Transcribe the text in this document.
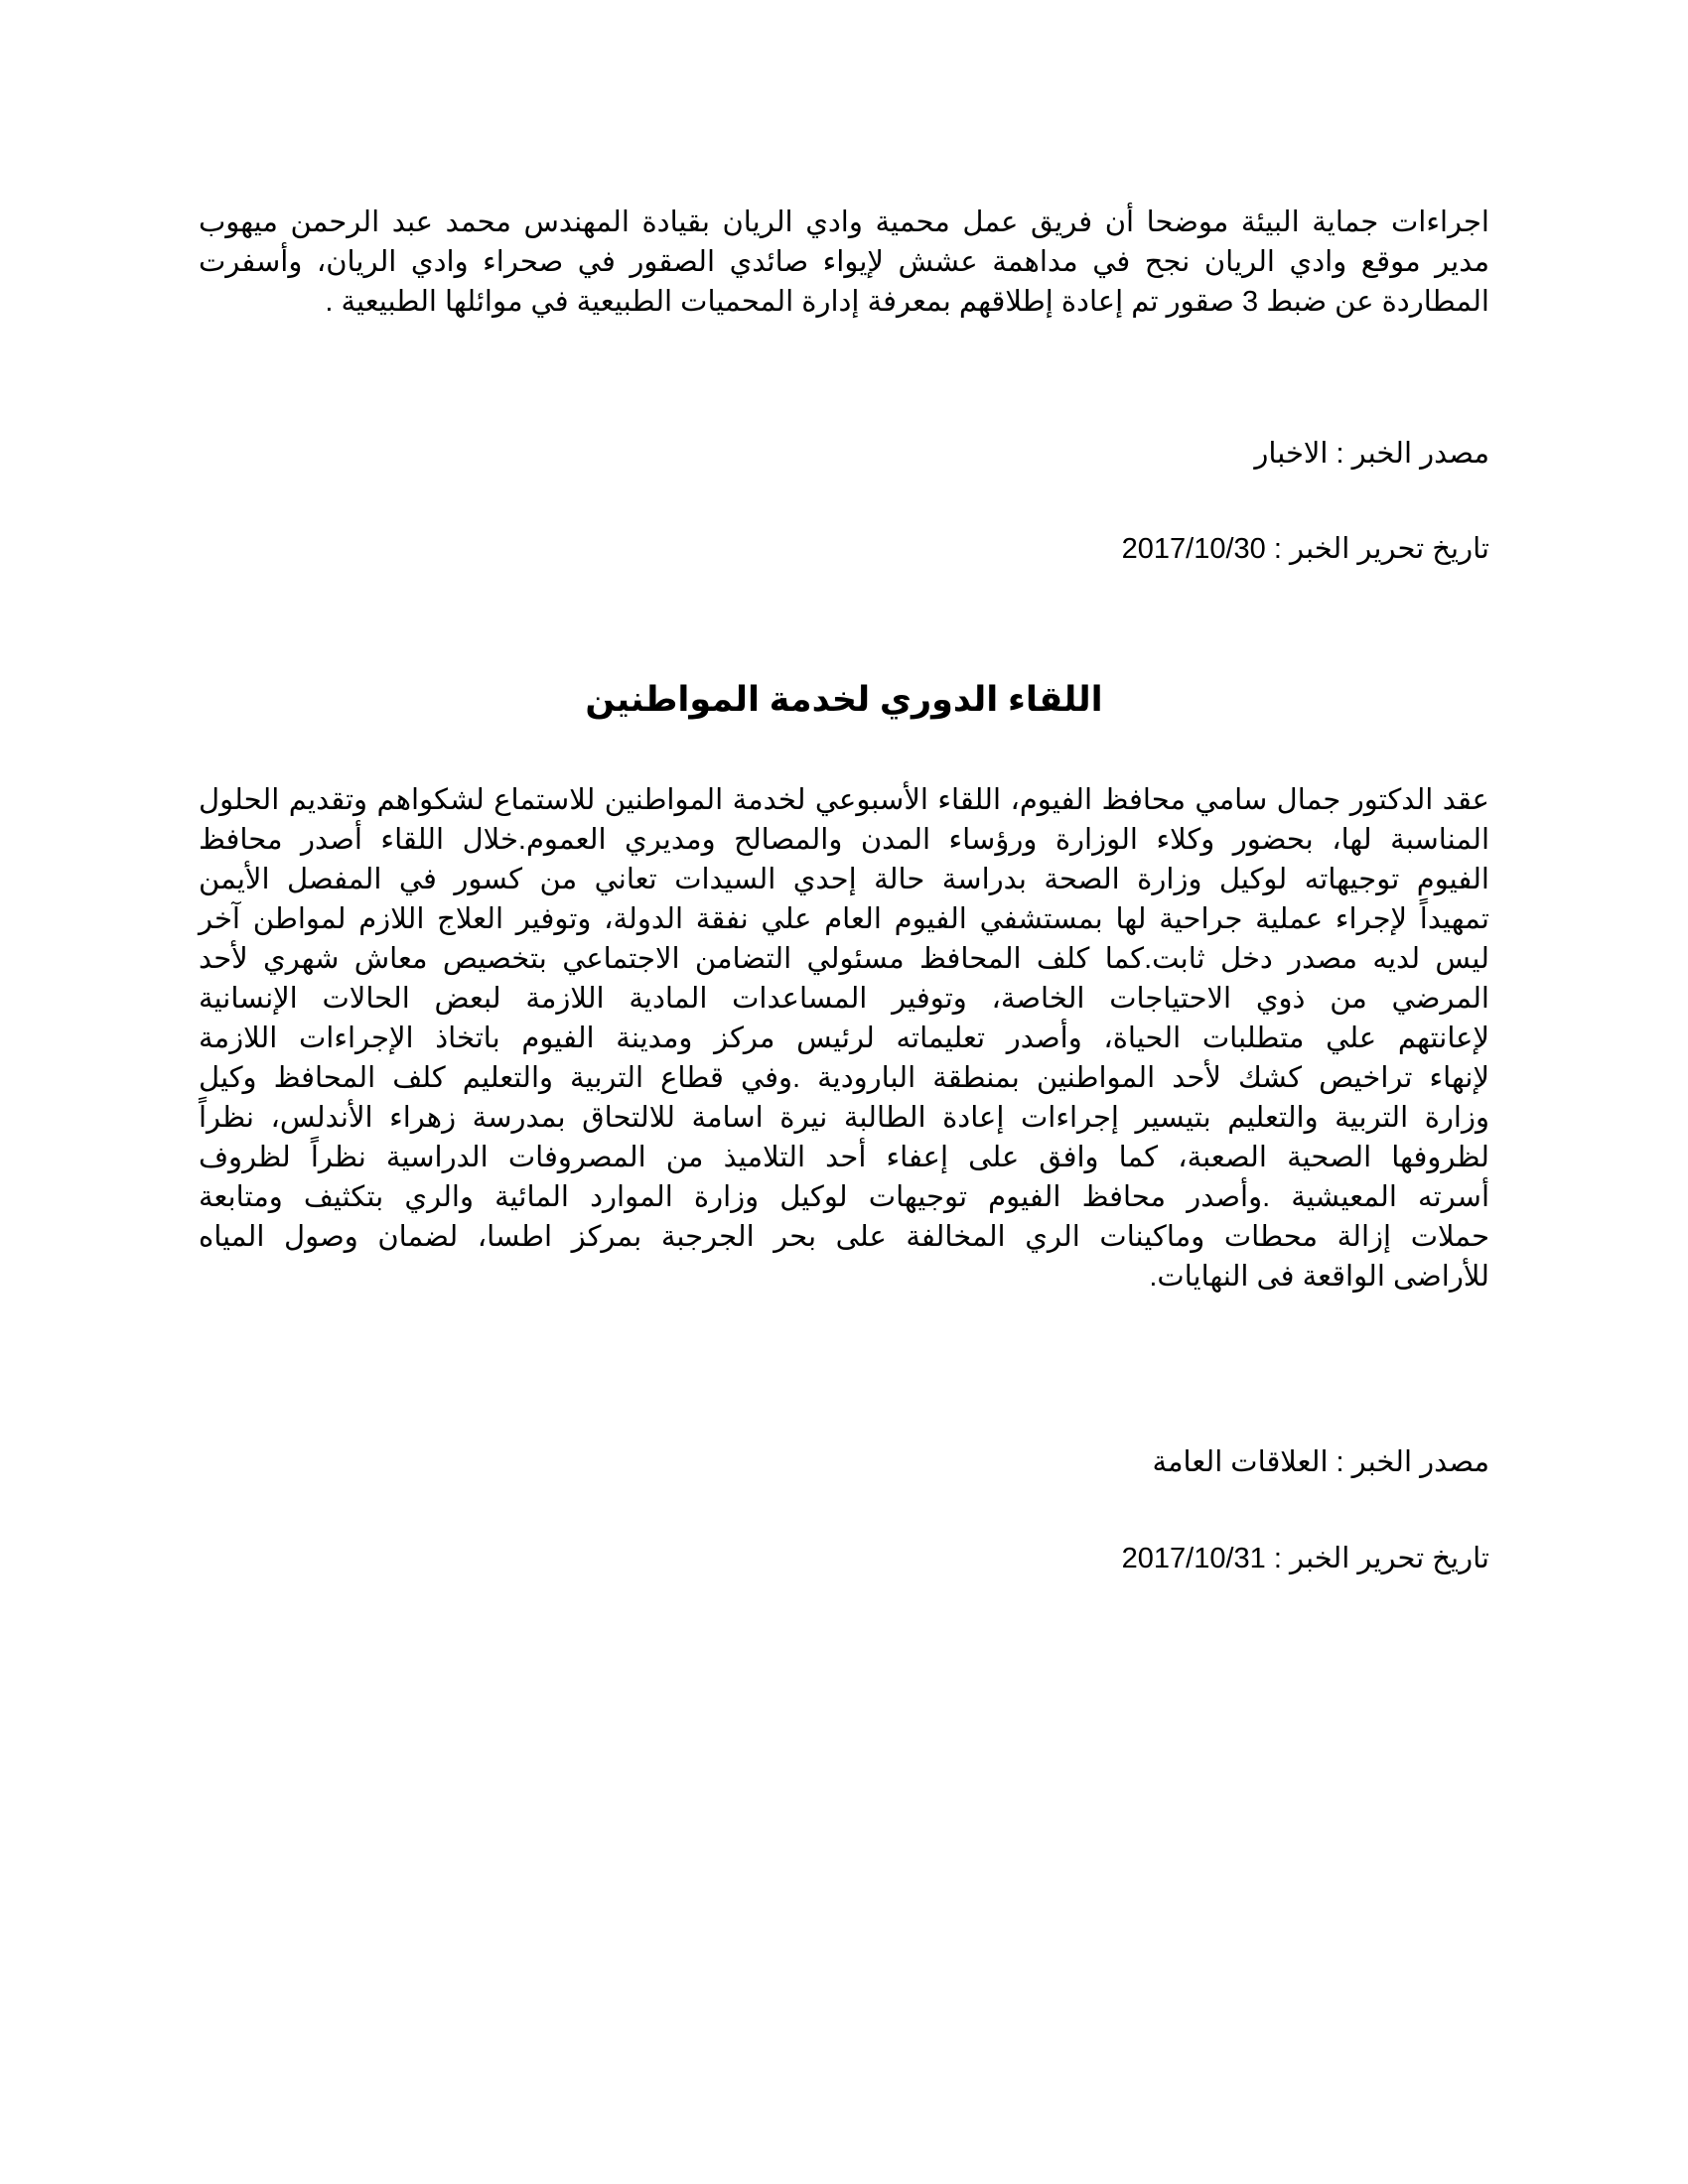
اجراءات جماية البيئة موضحا أن فريق عمل محمية وادي الريان بقيادة المهندس محمد عبد الرحمن ميهوب
مدير موقع وادي الريان نجح في مداهمة عشش لإيواء صائدي الصقور في صحراء وادي الريان، وأسفرت
المطاردة عن ضبط 3 صقور تم إعادة إطلاقهم بمعرفة إدارة المحميات الطبيعية في موائلها الطبيعية .

مصدر الخبر : الاخبار

تاريخ تحرير الخبر : 2017/10/30

اللقاء الدوري لخدمة المواطنين
عقد الدكتور جمال سامي محافظ الفيوم، اللقاء الأسبوعي لخدمة المواطنين للاستماع لشكواهم وتقديم الحلول
المناسبة لها، بحضور وكلاء الوزارة ورؤساء المدن والمصالح ومديري العموم.خلال اللقاء أصدر محافظ
الفيوم توجيهاته لوكيل وزارة الصحة بدراسة حالة إحدي السيدات تعاني من كسور في المفصل الأيمن
تمهيداً لإجراء عملية جراحية لها بمستشفي الفيوم العام علي نفقة الدولة، وتوفير العلاج اللازم لمواطن آخر
ليس لديه مصدر دخل ثابت.كما كلف المحافظ مسئولي التضامن الاجتماعي بتخصيص معاش شهري لأحد
المرضي من ذوي الاحتياجات الخاصة، وتوفير المساعدات المادية اللازمة لبعض الحالات الإنسانية
لإعانتهم علي متطلبات الحياة، وأصدر تعليماته لرئيس مركز ومدينة الفيوم باتخاذ الإجراءات اللازمة
لإنهاء تراخيص كشك لأحد المواطنين بمنطقة البارودية .وفي قطاع التربية والتعليم كلف المحافظ وكيل
وزارة التربية والتعليم بتيسير إجراءات إعادة الطالبة نيرة اسامة للالتحاق بمدرسة زهراء الأندلس، نظراً
لظروفها الصحية الصعبة، كما وافق على إعفاء أحد التلاميذ من المصروفات الدراسية نظراً لظروف
أسرته المعيشية .وأصدر محافظ الفيوم توجيهات لوكيل وزارة الموارد المائية والري بتكثيف ومتابعة
حملات إزالة محطات وماكينات الري المخالفة على بحر الجرجبة بمركز اطسا، لضمان وصول المياه
للأراضى الواقعة فى النهايات.

مصدر الخبر : العلاقات العامة

تاريخ تحرير الخبر : 2017/10/31
